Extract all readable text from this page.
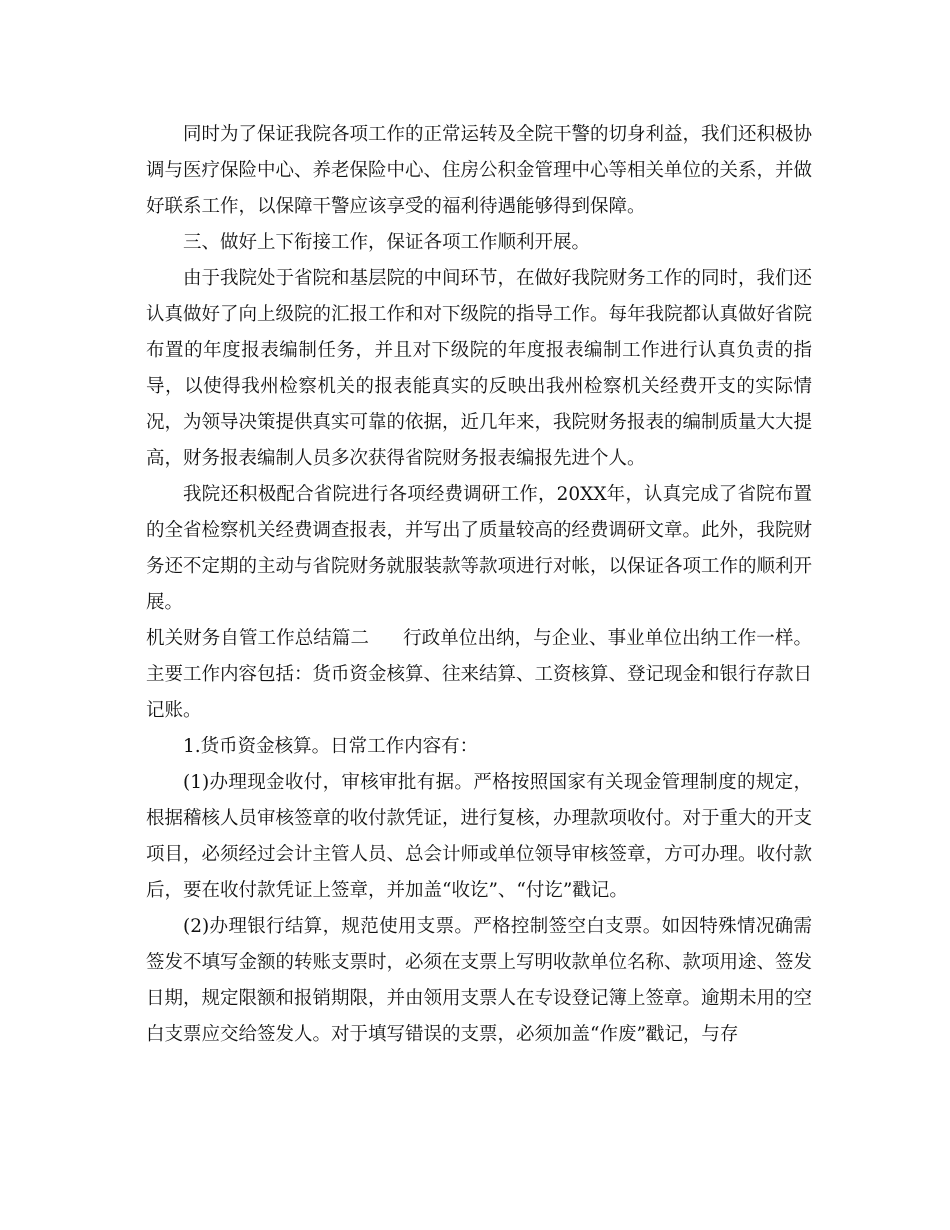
同时为了保证我院各项工作的正常运转及全院干警的切身利益，我们还积极协调与医疗保险中心、养老保险中心、住房公积金管理中心等相关单位的关系，并做好联系工作，以保障干警应该享受的福利待遇能够得到保障。

三、做好上下衔接工作，保证各项工作顺利开展。

由于我院处于省院和基层院的中间环节，在做好我院财务工作的同时，我们还认真做好了向上级院的汇报工作和对下级院的指导工作。每年我院都认真做好省院布置的年度报表编制任务，并且对下级院的年度报表编制工作进行认真负责的指导，以使得我州检察机关的报表能真实的反映出我州检察机关经费开支的实际情况，为领导决策提供真实可靠的依据，近几年来，我院财务报表的编制质量大大提高，财务报表编制人员多次获得省院财务报表编报先进个人。

我院还积极配合省院进行各项经费调研工作，20XX年，认真完成了省院布置的全省检察机关经费调查报表，并写出了质量较高的经费调研文章。此外，我院财务还不定期的主动与省院财务就服装款等款项进行对帐，以保证各项工作的顺利开展。

机关财务自管工作总结篇二 行政单位出纳，与企业、事业单位出纳工作一样。主要工作内容包括：货币资金核算、往来结算、工资核算、登记现金和银行存款日记账。

1.货币资金核算。日常工作内容有：

(1)办理现金收付，审核审批有据。严格按照国家有关现金管理制度的规定，根据稽核人员审核签章的收付款凭证，进行复核，办理款项收付。对于重大的开支项目，必须经过会计主管人员、总会计师或单位领导审核签章，方可办理。收付款后，要在收付款凭证上签章，并加盖“收讫”、“付讫”戳记。

(2)办理银行结算，规范使用支票。严格控制签空白支票。如因特殊情况确需签发不填写金额的转账支票时，必须在支票上写明收款单位名称、款项用途、签发日期，规定限额和报销期限，并由领用支票人在专设登记簿上签章。逾期未用的空白支票应交给签发人。对于填写错误的支票，必须加盖“作废”戳记，与存
